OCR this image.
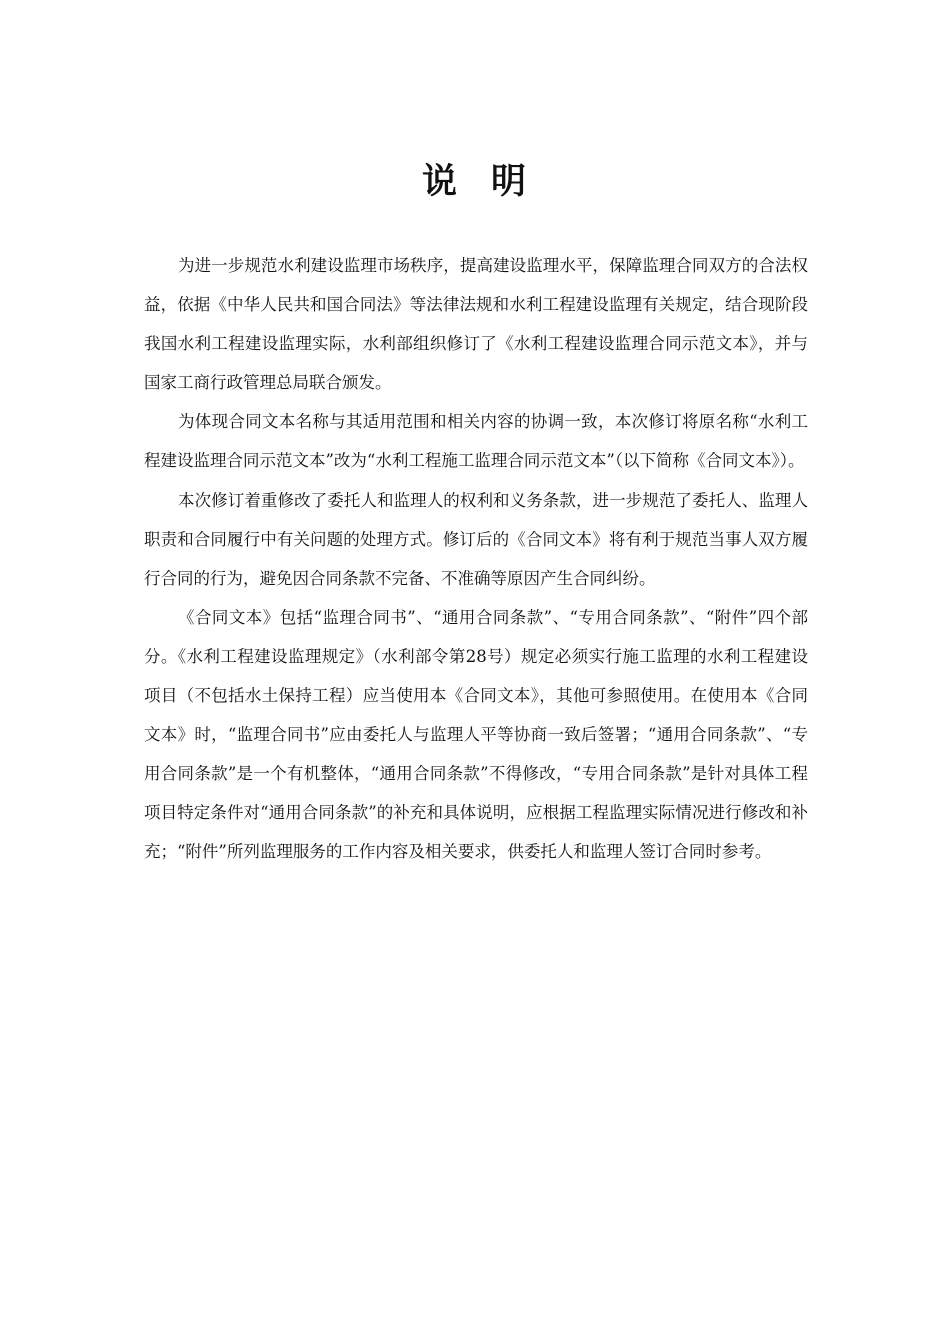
说 明

为进一步规范水利建设监理市场秩序，提高建设监理水平，保障监理合同双方的合法权益，依据《中华人民共和国合同法》等法律法规和水利工程建设监理有关规定，结合现阶段我国水利工程建设监理实际，水利部组织修订了《水利工程建设监理合同示范文本》，并与国家工商行政管理总局联合颁发。

为体现合同文本名称与其适用范围和相关内容的协调一致，本次修订将原名称“水利工程建设监理合同示范文本”改为“水利工程施工监理合同示范文本”（以下简称《合同文本》）。

本次修订着重修改了委托人和监理人的权利和义务条款，进一步规范了委托人、监理人职责和合同履行中有关问题的处理方式。修订后的《合同文本》将有利于规范当事人双方履行合同的行为，避免因合同条款不完备、不准确等原因产生合同纠纷。

《合同文本》包括“监理合同书”、“通用合同条款”、“专用合同条款”、“附件”四个部分。《水利工程建设监理规定》（水利部令第28号）规定必须实行施工监理的水利工程建设项目（不包括水土保持工程）应当使用本《合同文本》，其他可参照使用。在使用本《合同文本》时，“监理合同书”应由委托人与监理人平等协商一致后签署；“通用合同条款”、“专用合同条款”是一个有机整体，“通用合同条款”不得修改，“专用合同条款”是针对具体工程项目特定条件对“通用合同条款”的补充和具体说明，应根据工程监理实际情况进行修改和补充；“附件”所列监理服务的工作内容及相关要求，供委托人和监理人签订合同时参考。
